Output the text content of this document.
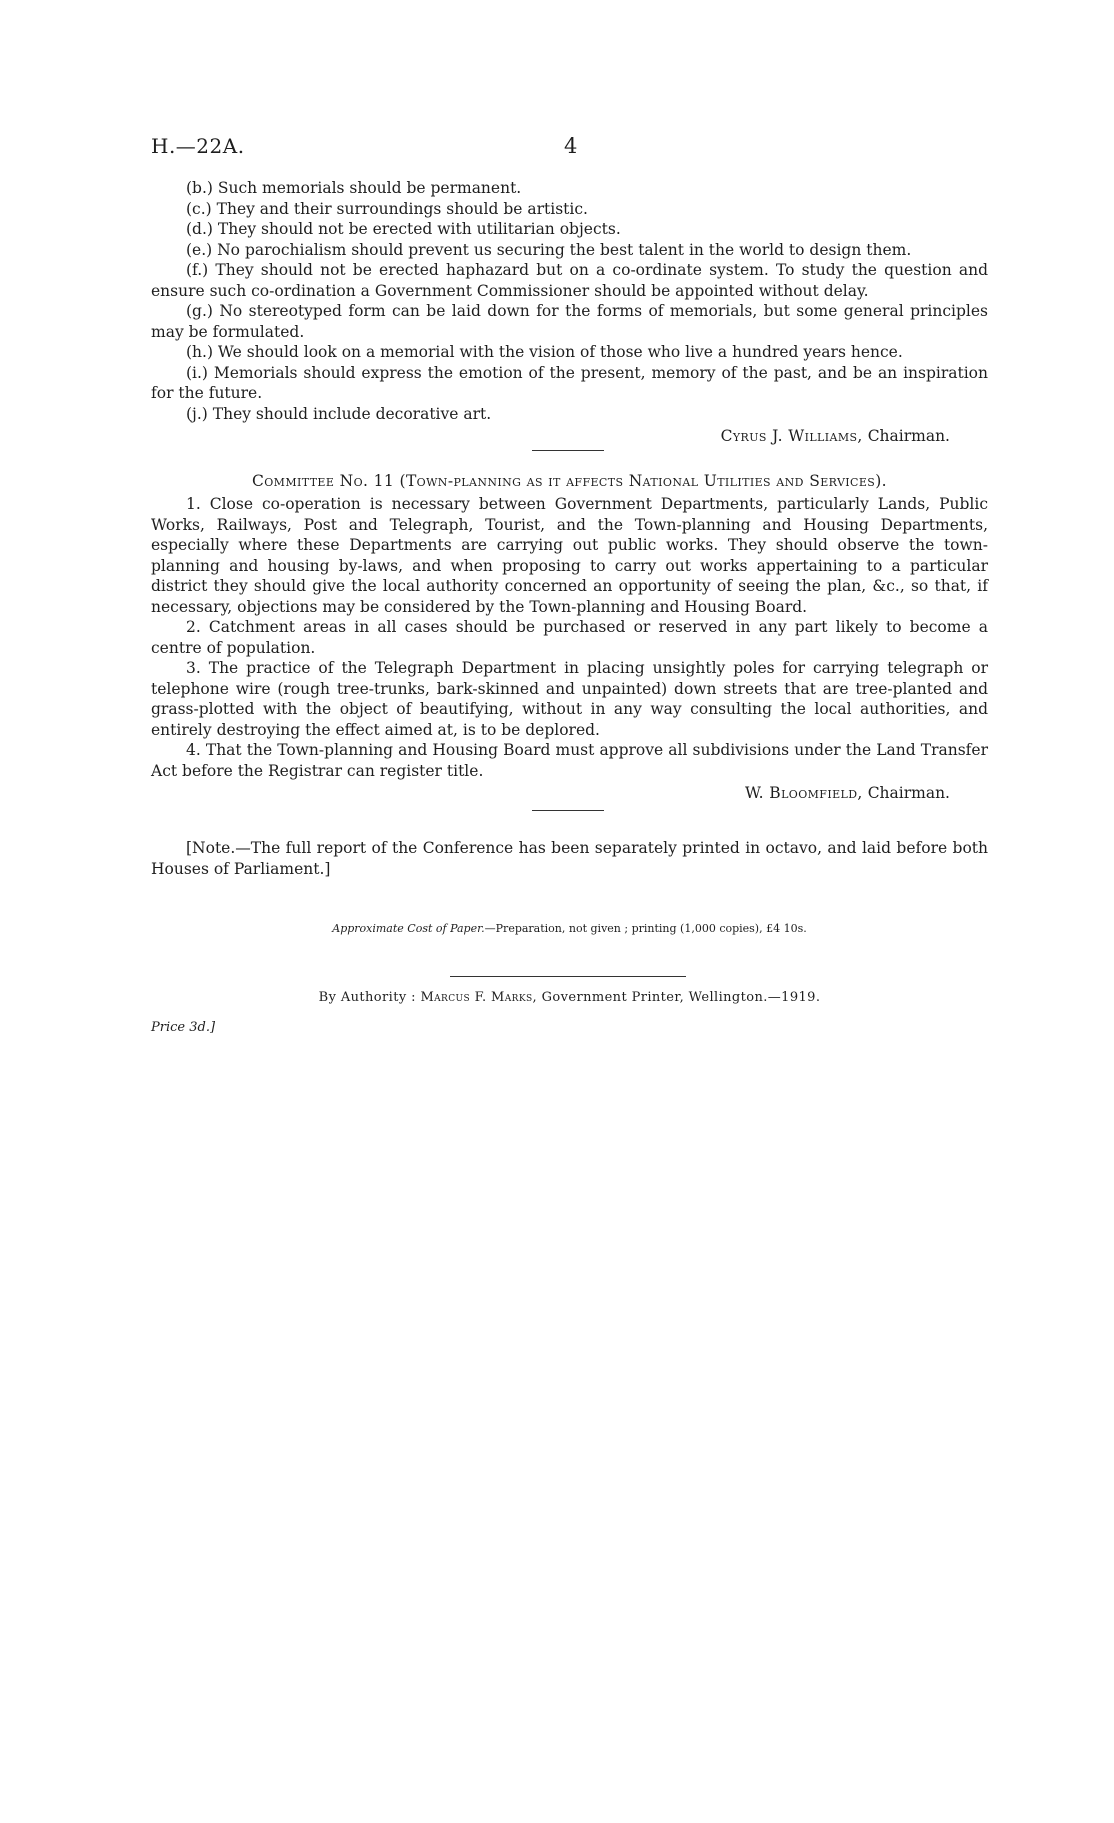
H.—22A.	4

(b.) Such memorials should be permanent.

(c.) They and their surroundings should be artistic.

(d.) They should not be erected with utilitarian objects.

(e.) No parochialism should prevent us securing the best talent in the world to design them.

(f.) They should not be erected haphazard but on a co-ordinate system. To study the question and ensure such co-ordination a Government Commissioner should be appointed without delay.

(g.) No stereotyped form can be laid down for the forms of memorials, but some general principles may be formulated.

(h.) We should look on a memorial with the vision of those who live a hundred years hence.

(i.) Memorials should express the emotion of the present, memory of the past, and be an inspiration for the future.

(j.) They should include decorative art.

Cyrus J. Williams, Chairman.

Committee No. 11 (Town-planning as it affects National Utilities and Services).

1. Close co-operation is necessary between Government Departments, particularly Lands, Public Works, Railways, Post and Telegraph, Tourist, and the Town-planning and Housing Departments, especially where these Departments are carrying out public works. They should observe the town-planning and housing by-laws, and when proposing to carry out works appertaining to a particular district they should give the local authority concerned an opportunity of seeing the plan, &c., so that, if necessary, objections may be considered by the Town-planning and Housing Board.

2. Catchment areas in all cases should be purchased or reserved in any part likely to become a centre of population.

3. The practice of the Telegraph Department in placing unsightly poles for carrying telegraph or telephone wire (rough tree-trunks, bark-skinned and unpainted) down streets that are tree-planted and grass-plotted with the object of beautifying, without in any way consulting the local authorities, and entirely destroying the effect aimed at, is to be deplored.

4. That the Town-planning and Housing Board must approve all subdivisions under the Land Transfer Act before the Registrar can register title.

W. Bloomfield, Chairman.

[Note.—The full report of the Conference has been separately printed in octavo, and laid before both Houses of Parliament.]

Approximate Cost of Paper.—Preparation, not given ; printing (1,000 copies), £4 10s.
By Authority : Marcus F. Marks, Government Printer, Wellington.—1919.
Price 3d.]
